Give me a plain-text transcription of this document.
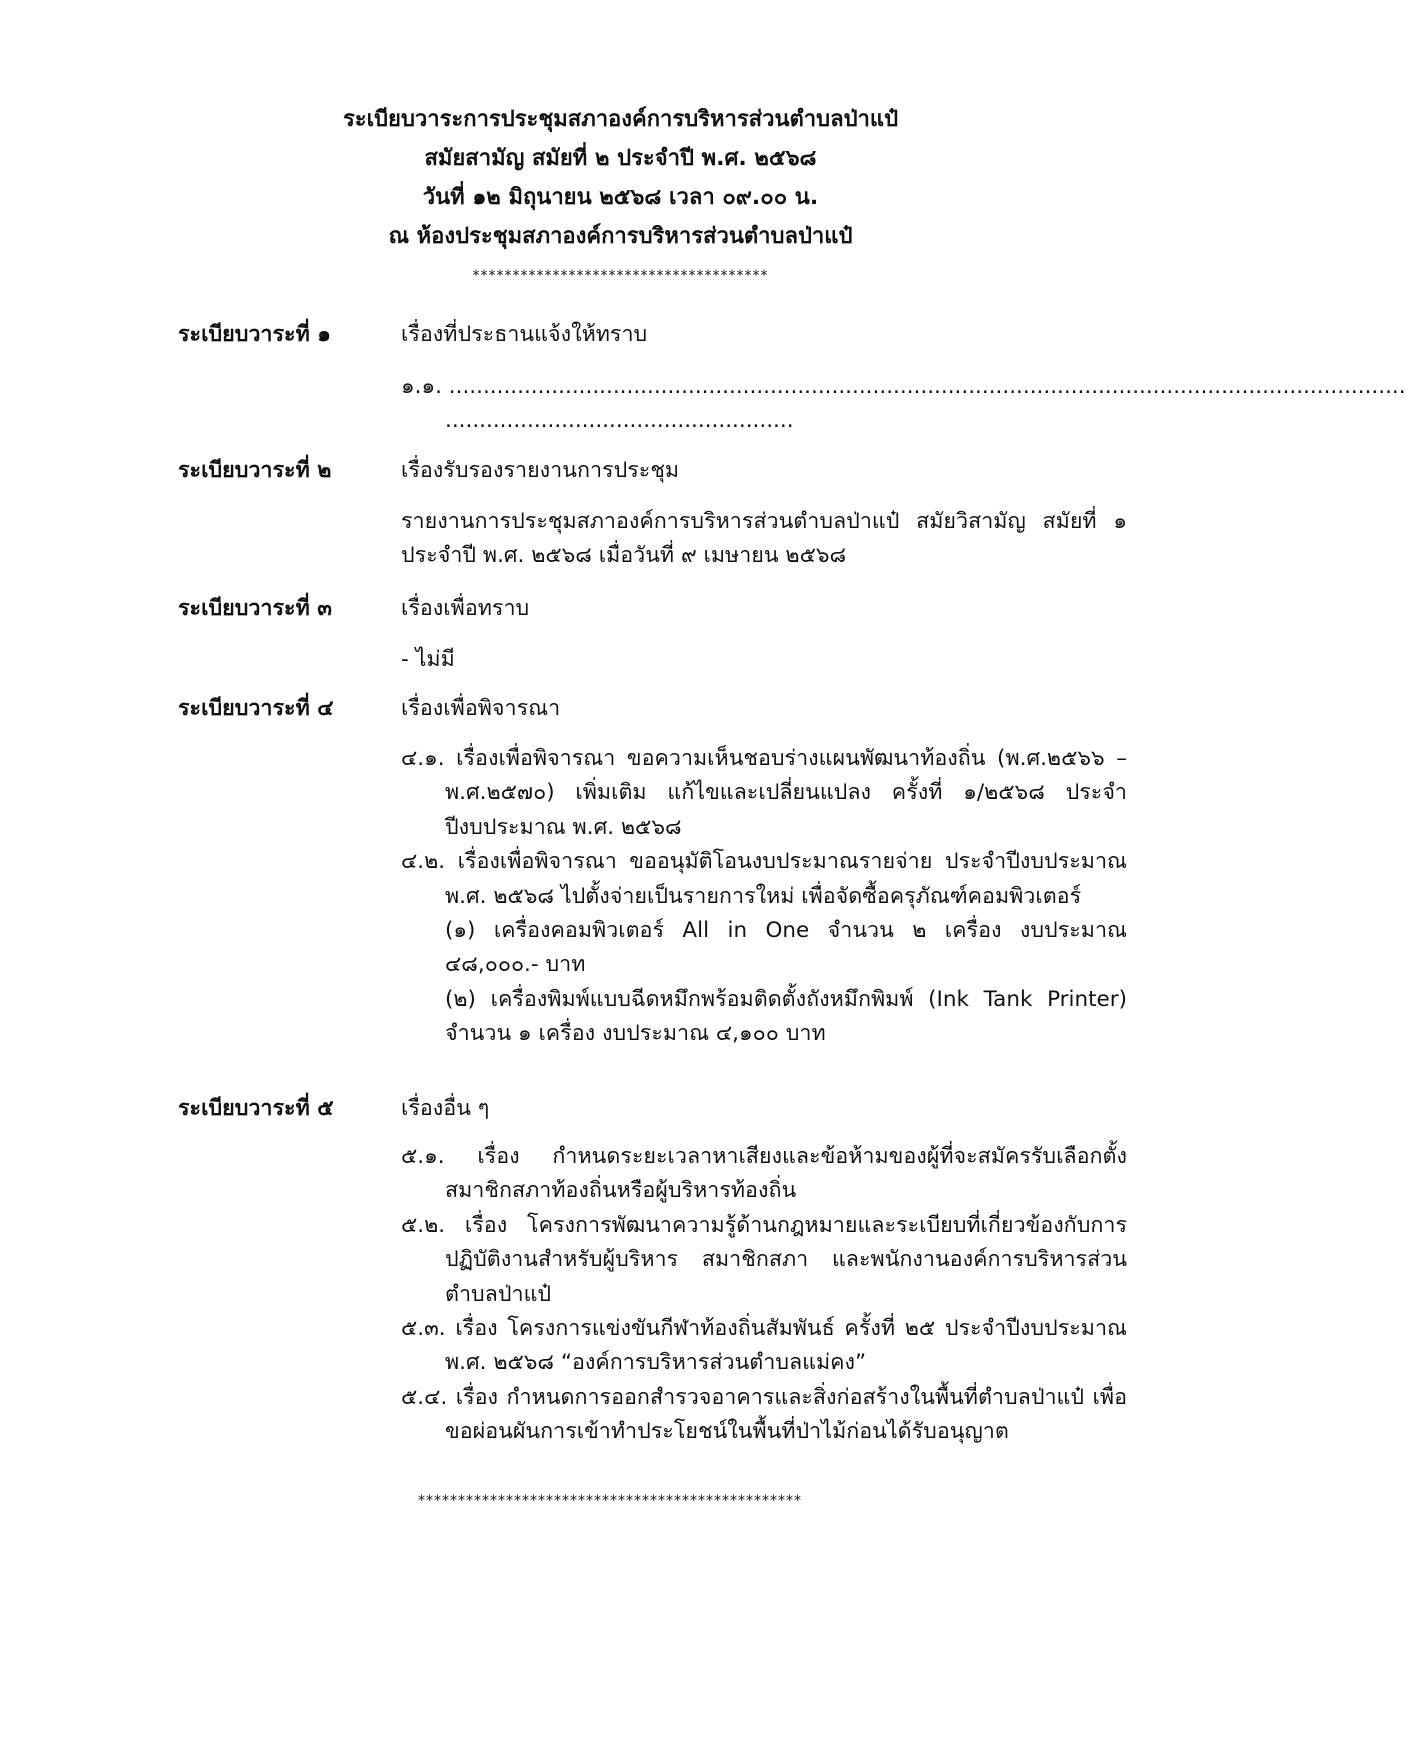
ระเบียบวาระการประชุมสภาองค์การบริหารส่วนตำบลป่าแป๋
สมัยสามัญ สมัยที่ ๒ ประจำปี พ.ศ. ๒๕๖๘
วันที่ ๑๒ มิถุนายน ๒๕๖๘ เวลา ๐๙.๐๐ น.
ณ ห้องประชุมสภาองค์การบริหารส่วนตำบลป่าแป๋
*************************************
ระเบียบวาระที่ ๑	เรื่องที่ประธานแจ้งให้ทราบ

๑.๑. ............................................................................................................................................

...................................................

ระเบียบวาระที่ ๒	เรื่องรับรองรายงานการประชุม

รายงานการประชุมสภาองค์การบริหารส่วนตำบลป่าแป๋ สมัยวิสามัญ สมัยที่ ๑ ประจำปี พ.ศ. ๒๕๖๘ เมื่อวันที่ ๙ เมษายน ๒๕๖๘

ระเบียบวาระที่ ๓	เรื่องเพื่อทราบ

- ไม่มี

ระเบียบวาระที่ ๔	เรื่องเพื่อพิจารณา

๔.๑. เรื่องเพื่อพิจารณา ขอความเห็นชอบร่างแผนพัฒนาท้องถิ่น (พ.ศ.๒๕๖๖ – พ.ศ.๒๕๗๐) เพิ่มเติม แก้ไขและเปลี่ยนแปลง ครั้งที่ ๑/๒๕๖๘ ประจำปีงบประมาณ พ.ศ. ๒๕๖๘

๔.๒. เรื่องเพื่อพิจารณา ขออนุมัติโอนงบประมาณรายจ่าย ประจำปีงบประมาณ พ.ศ. ๒๕๖๘ ไปตั้งจ่ายเป็นรายการใหม่ เพื่อจัดซื้อครุภัณฑ์คอมพิวเตอร์

(๑) เครื่องคอมพิวเตอร์ All in One จำนวน ๒ เครื่อง งบประมาณ ๔๘,๐๐๐.- บาท

(๒) เครื่องพิมพ์แบบฉีดหมึกพร้อมติดตั้งถังหมึกพิมพ์ (Ink Tank Printer) จำนวน ๑ เครื่อง งบประมาณ ๔,๑๐๐ บาท

ระเบียบวาระที่ ๕	เรื่องอื่น ๆ

๕.๑. เรื่อง กำหนดระยะเวลาหาเสียงและข้อห้ามของผู้ที่จะสมัครรับเลือกตั้งสมาชิกสภาท้องถิ่นหรือผู้บริหารท้องถิ่น

๕.๒. เรื่อง โครงการพัฒนาความรู้ด้านกฎหมายและระเบียบที่เกี่ยวข้องกับการปฏิบัติงานสำหรับผู้บริหาร สมาชิกสภา และพนักงานองค์การบริหารส่วนตำบลป่าแป๋

๕.๓. เรื่อง โครงการแข่งขันกีฬาท้องถิ่นสัมพันธ์ ครั้งที่ ๒๕ ประจำปีงบประมาณ พ.ศ. ๒๕๖๘ “องค์การบริหารส่วนตำบลแม่คง”

๕.๔. เรื่อง กำหนดการออกสำรวจอาคารและสิ่งก่อสร้างในพื้นที่ตำบลป่าแป๋ เพื่อขอผ่อนผันการเข้าทำประโยชน์ในพื้นที่ป่าไม้ก่อนได้รับอนุญาต

************************************************
